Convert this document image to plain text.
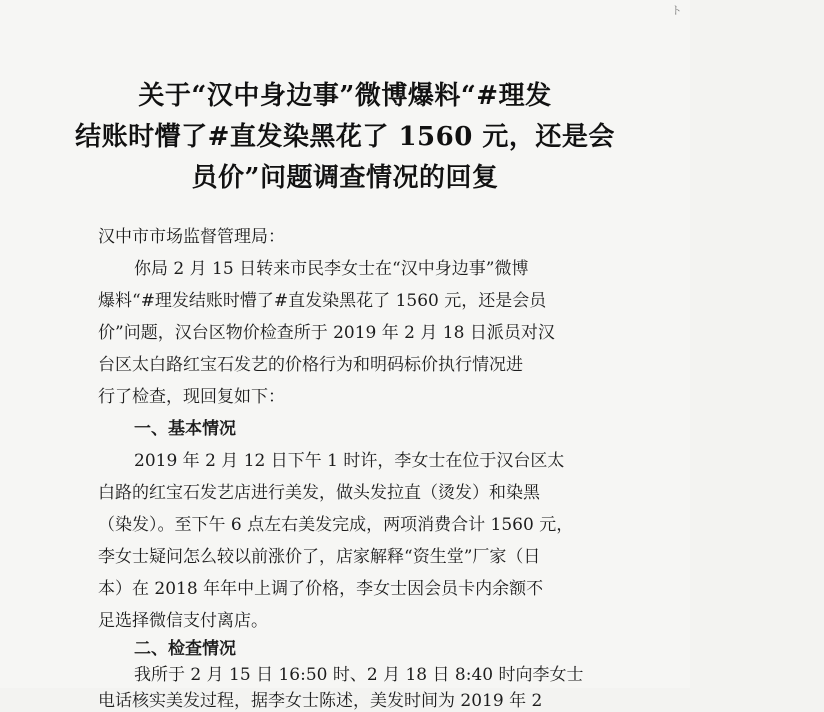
ト
关于“汉中身边事”微博爆料“#理发
结账时懵了#直发染黑花了 1560 元，还是会
员价”问题调查情况的回复

汉中市市场监督管理局：

你局 2 月 15 日转来市民李女士在“汉中身边事”微博

爆料“#理发结账时懵了#直发染黑花了 1560 元，还是会员

价”问题，汉台区物价检查所于 2019 年 2 月 18 日派员对汉

台区太白路红宝石发艺的价格行为和明码标价执行情况进

行了检查，现回复如下：

一、基本情况

2019 年 2 月 12 日下午 1 时许，李女士在位于汉台区太

白路的红宝石发艺店进行美发，做头发拉直（烫发）和染黑

（染发）。至下午 6 点左右美发完成，两项消费合计 1560 元，

李女士疑问怎么较以前涨价了，店家解释“资生堂”厂家（日

本）在 2018 年年中上调了价格，李女士因会员卡内余额不

足选择微信支付离店。

二、检查情况

我所于 2 月 15 日 16:50 时、2 月 18 日 8:40 时向李女士

电话核实美发过程，据李女士陈述，美发时间为 2019 年 2
